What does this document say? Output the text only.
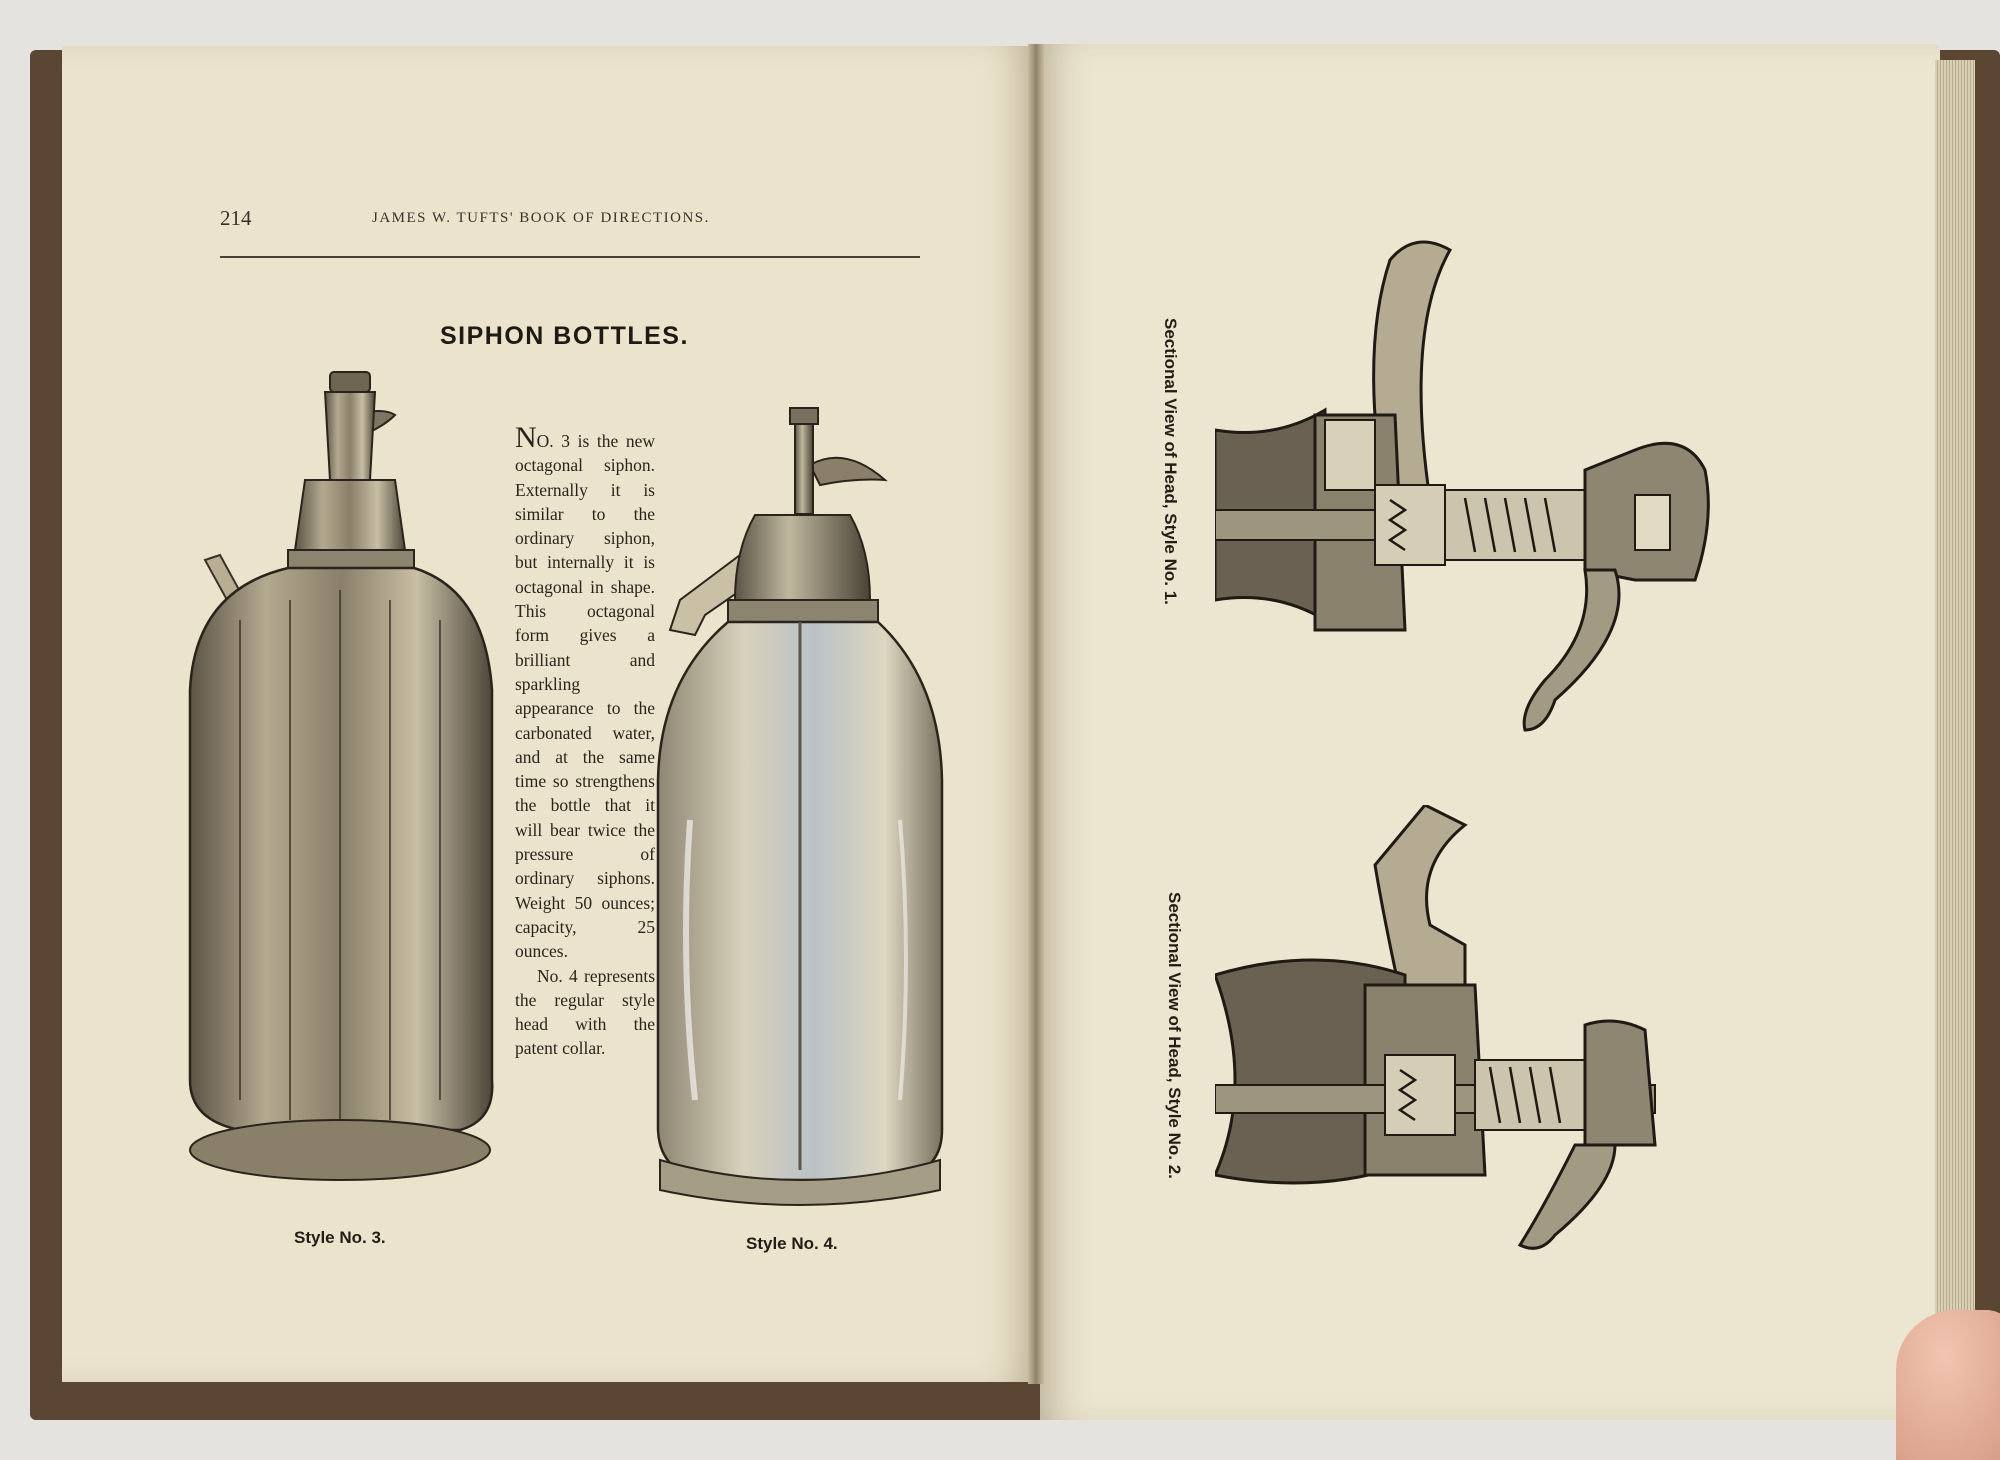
214	JAMES W. TUFTS' BOOK OF DIRECTIONS.
SIPHON BOTTLES.

NO. 3 is the new octagonal siphon. Externally it is similar to the ordinary siphon, but internally it is octagonal in shape. This octagonal form gives a brilliant and sparkling appearance to the carbonated water, and at the same time so strengthens the bottle that it will bear twice the pressure of ordinary siphons. Weight 50 ounces; capacity, 25 ounces.

No. 4 represents the regular style head with the patent collar.

Style No. 3.	Style No. 4.
Sectional View of Head, Style No. 1.
Sectional View of Head, Style No. 2.
